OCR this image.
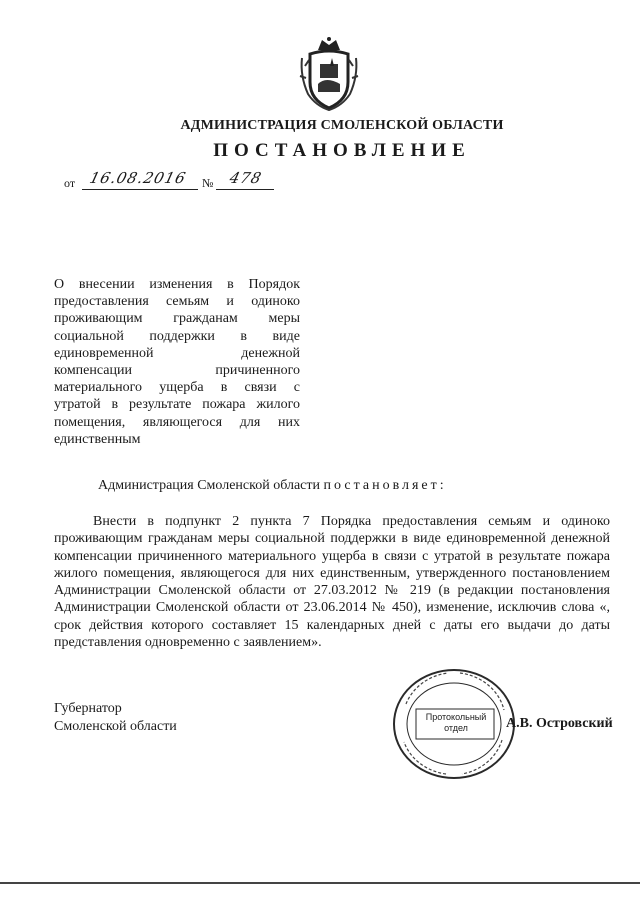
АДМИНИСТРАЦИЯ СМОЛЕНСКОЙ ОБЛАСТИ
ПОСТАНОВЛЕНИЕ
от 16.08.2016 № 478
О внесении изменения в Порядок
предоставления семьям и одиноко
проживающим гражданам меры
социальной поддержки в виде
единовременной денежной
компенсации причиненного
материального ущерба в связи с
утратой в результате пожара жилого
помещения, являющегося для них
единственным
Администрация Смоленской области постановляет:
Внести в подпункт 2 пункта 7 Порядка предоставления семьям и одиноко проживающим гражданам меры социальной поддержки в виде единовременной денежной компенсации причиненного материального ущерба в связи с утратой в результате пожара жилого помещения, являющегося для них единственным, утвержденного постановлением Администрации Смоленской области от 27.03.2012 № 219 (в редакции постановления Администрации Смоленской области от 23.06.2014 № 450), изменение, исключив слова «, срок действия которого составляет 15 календарных дней с даты его выдачи до даты представления одновременно с заявлением».
Губернатор
Смоленской области
Протокольный
отдел	А.В. Островский
